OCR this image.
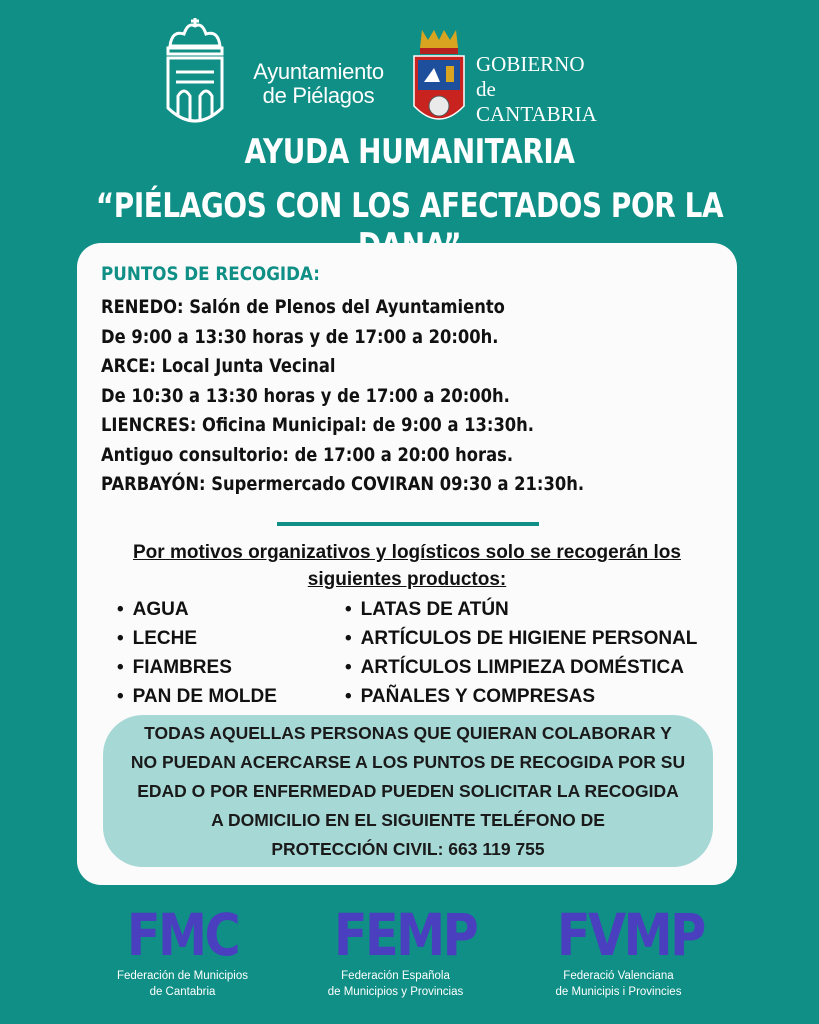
Ayuntamiento
de Piélagos
GOBIERNO
de
CANTABRIA
AYUDA HUMANITARIA
“PIÉLAGOS CON LOS AFECTADOS POR LA
PUNTOS DE RECOGIDA:
RENEDO: Salón de Plenos del Ayuntamiento
De 9:00 a 13:30 horas y de 17:00 a 20:00h.
ARCE: Local Junta Vecinal
De 10:30 a 13:30 horas y de 17:00 a 20:00h.
LIENCRES: Oficina Municipal: de 9:00 a 13:30h.
Antiguo consultorio: de 17:00 a 20:00 horas.
PARBAYÓN: Supermercado COVIRAN 09:30 a 21:30h.
Por motivos organizativos y logísticos solo se recogerán los
siguientes productos:
• AGUA
• LECHE
• FIAMBRES
• PAN DE MOLDE
• LATAS DE ATÚN
• ARTÍCULOS DE HIGIENE PERSONAL
• ARTÍCULOS LIMPIEZA DOMÉSTICA
• PAÑALES Y COMPRESAS
TODAS AQUELLAS PERSONAS QUE QUIERAN COLABORAR Y
NO PUEDAN ACERCARSE A LOS PUNTOS DE RECOGIDA POR SU
EDAD O POR ENFERMEDAD PUEDEN SOLICITAR LA RECOGIDA
A DOMICILIO EN EL SIGUIENTE TELÉFONO DE
PROTECCIÓN CIVIL: 663 119 755
FMC
Federación de Municipios
de Cantabria
FEMP
Federación Española
de Municipios y Provincias
FVMP
Federació Valenciana
de Municipis i Provincies
